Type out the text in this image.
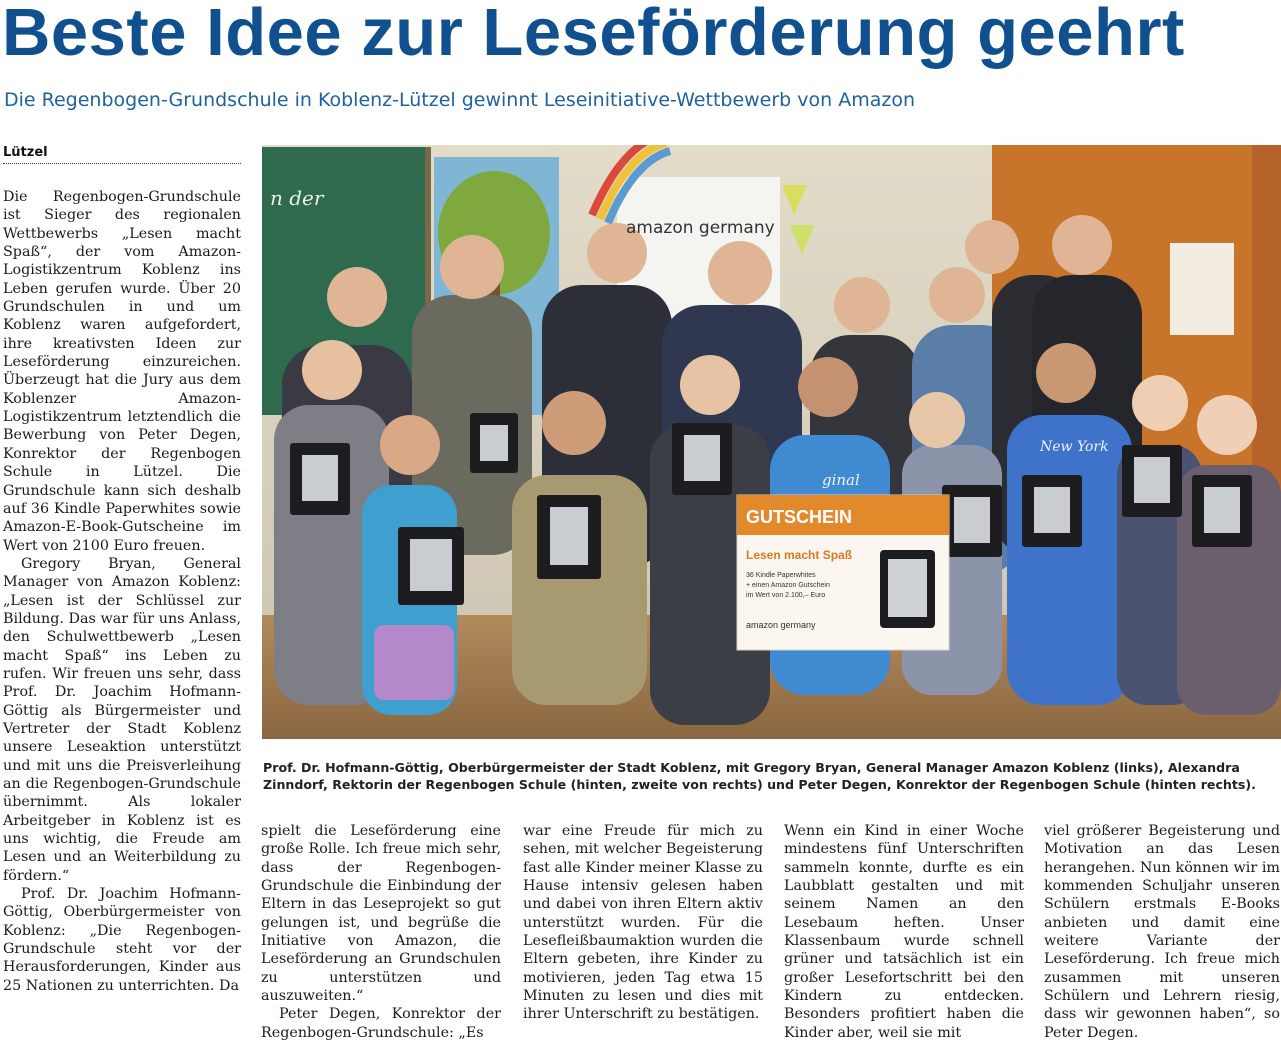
Beste Idee zur Leseförderung geehrt
Die Regenbogen-Grundschule in Koblenz-Lützel gewinnt Leseinitiative-Wettbewerb von Amazon
Lützel

Die Regenbogen-Grundschule ist Sieger des regionalen Wettbewerbs „Lesen macht Spaß“, der vom Amazon-Logistikzentrum Koblenz ins Leben gerufen wurde. Über 20 Grundschulen in und um Koblenz waren aufgefordert, ihre kreativsten Ideen zur Leseförderung einzureichen. Überzeugt hat die Jury aus dem Koblenzer Amazon-Logistikzentrum letztendlich die Bewerbung von Peter Degen, Konrektor der Regenbogen Schule in Lützel. Die Grundschule kann sich deshalb auf 36 Kindle Paperwhites sowie Amazon-E-Book-Gutscheine im Wert von 2100 Euro freuen.

Gregory Bryan, General Manager von Amazon Koblenz: „Lesen ist der Schlüssel zur Bildung. Das war für uns Anlass, den Schulwettbewerb „Lesen macht Spaß“ ins Leben zu rufen. Wir freuen uns sehr, dass Prof. Dr. Joachim Hofmann-Göttig als Bürgermeister und Vertreter der Stadt Koblenz unsere Leseaktion unterstützt und mit uns die Preisverleihung an die Regenbogen-Grundschule übernimmt. Als lokaler Arbeitgeber in Koblenz ist es uns wichtig, die Freude am Lesen und an Weiterbildung zu fördern.“

Prof. Dr. Joachim Hofmann-Göttig, Oberbürgermeister von Koblenz: „Die Regenbogen-Grundschule steht vor der Herausforderungen, Kinder aus 25 Nationen zu unterrichten. Da

amazon germany
n der
ginal
New York
GUTSCHEIN
Lesen macht Spaß
36 Kindle Paperwhites
+ einen Amazon Gutschein
im Wert von 2.100,– Euro
amazon germany
Prof. Dr. Hofmann-Göttig, Oberbürgermeister der Stadt Koblenz, mit Gregory Bryan, General Manager Amazon Koblenz (links), Alexandra Zinndorf, Rektorin der Regenbogen Schule (hinten, zweite von rechts) und Peter Degen, Konrektor der Regenbogen Schule (hinten rechts).

spielt die Leseförderung eine große Rolle. Ich freue mich sehr, dass der Regenbogen-Grundschule die Einbindung der Eltern in das Leseprojekt so gut gelungen ist, und begrüße die Initiative von Amazon, die Leseförderung an Grundschulen zu unterstützen und auszuweiten.“

Peter Degen, Konrektor der Regenbogen-Grundschule: „Es

war eine Freude für mich zu sehen, mit welcher Begeisterung fast alle Kinder meiner Klasse zu Hause intensiv gelesen haben und dabei von ihren Eltern aktiv unterstützt wurden. Für die Lesefleißbaumaktion wurden die Eltern gebeten, ihre Kinder zu motivieren, jeden Tag etwa 15 Minuten zu lesen und dies mit ihrer Unterschrift zu bestätigen.

Wenn ein Kind in einer Woche mindestens fünf Unterschriften sammeln konnte, durfte es ein Laubblatt gestalten und mit seinem Namen an den Lesebaum heften. Unser Klassenbaum wurde schnell grüner und tatsächlich ist ein großer Lesefortschritt bei den Kindern zu entdecken. Besonders profitiert haben die Kinder aber, weil sie mit

viel größerer Begeisterung und Motivation an das Lesen herangehen. Nun können wir im kommenden Schuljahr unseren Schülern erstmals E-Books anbieten und damit eine weitere Variante der Leseförderung. Ich freue mich zusammen mit unseren Schülern und Lehrern riesig, dass wir gewonnen haben“, so Peter Degen.
